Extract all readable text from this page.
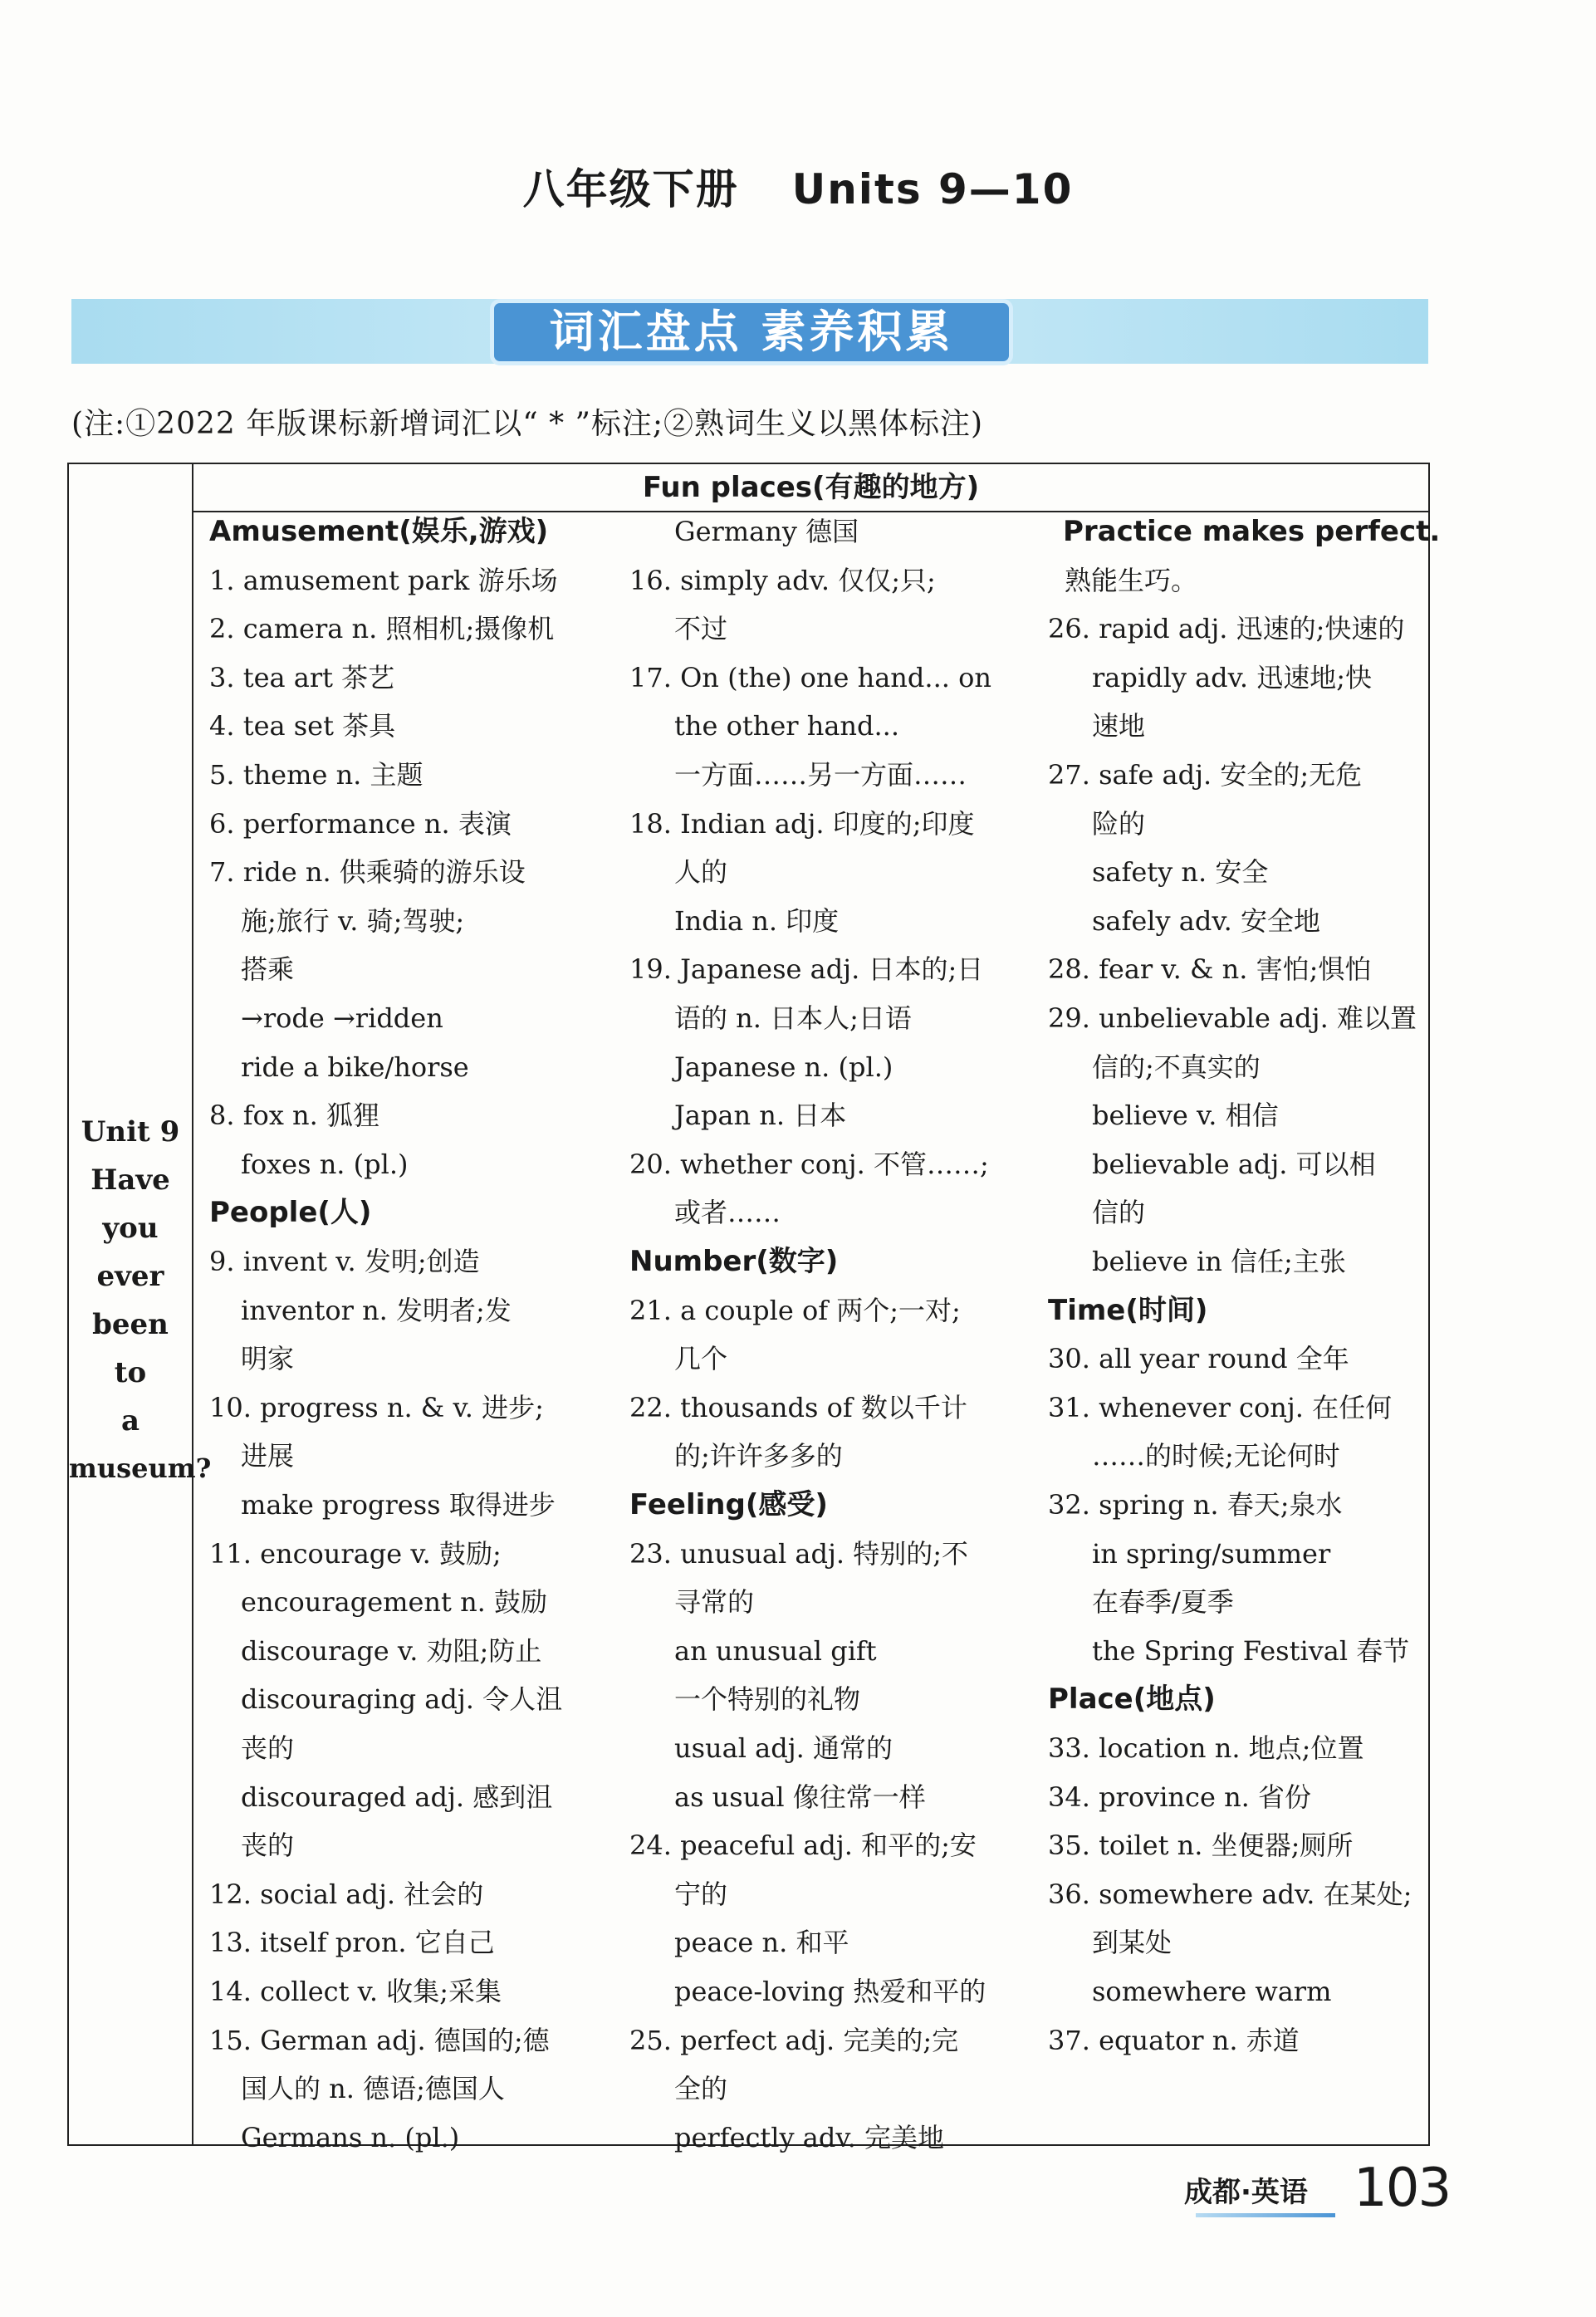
八年级下册 Units 9—10
词汇盘点 素养积累
(注:①2022 年版课标新增词汇以“ * ”标注;②熟词生义以黑体标注)
Unit 9
Have
you
ever
been
to
a
museum?
Fun places(有趣的地方)
Amusement(娱乐,游戏)
1. amusement park 游乐场
2. camera n. 照相机;摄像机
3. tea art 茶艺
4. tea set 茶具
5. theme n. 主题
6. performance n. 表演
7. ride n. 供乘骑的游乐设
施;旅行 v. 骑;驾驶;
搭乘
→rode →ridden
ride a bike/horse
8. fox n. 狐狸
foxes n. (pl.)
People(人)
9. invent v. 发明;创造
inventor n. 发明者;发
明家
10. progress n. & v. 进步;
进展
make progress 取得进步
11. encourage v. 鼓励;
encouragement n. 鼓励
discourage v. 劝阻;防止
discouraging adj. 令人沮
丧的
discouraged adj. 感到沮
丧的
12. social adj. 社会的
13. itself pron. 它自己
14. collect v. 收集;采集
15. German adj. 德国的;德
国人的 n. 德语;德国人
Germans n. (pl.)
Germany 德国
16. simply adv. 仅仅;只;
不过
17. On (the) one hand... on
the other hand...
一方面……另一方面……
18. Indian adj. 印度的;印度
人的
India n. 印度
19. Japanese adj. 日本的;日
语的 n. 日本人;日语
Japanese n. (pl.)
Japan n. 日本
20. whether conj. 不管……;
或者……
Number(数字)
21. a couple of 两个;一对;
几个
22. thousands of 数以千计
的;许许多多的
Feeling(感受)
23. unusual adj. 特别的;不
寻常的
an unusual gift
一个特别的礼物
usual adj. 通常的
as usual 像往常一样
24. peaceful adj. 和平的;安
宁的
peace n. 和平
peace-loving 热爱和平的
25. perfect adj. 完美的;完
全的
perfectly adv. 完美地
Practice makes perfect.
熟能生巧。
26. rapid adj. 迅速的;快速的
rapidly adv. 迅速地;快
速地
27. safe adj. 安全的;无危
险的
safety n. 安全
safely adv. 安全地
28. fear v. & n. 害怕;惧怕
29. unbelievable adj. 难以置
信的;不真实的
believe v. 相信
believable adj. 可以相
信的
believe in 信任;主张
Time(时间)
30. all year round 全年
31. whenever conj. 在任何
……的时候;无论何时
32. spring n. 春天;泉水
in spring/summer
在春季/夏季
the Spring Festival 春节
Place(地点)
33. location n. 地点;位置
34. province n. 省份
35. toilet n. 坐便器;厕所
36. somewhere adv. 在某处;
到某处
somewhere warm
37. equator n. 赤道
成都·英语 103
